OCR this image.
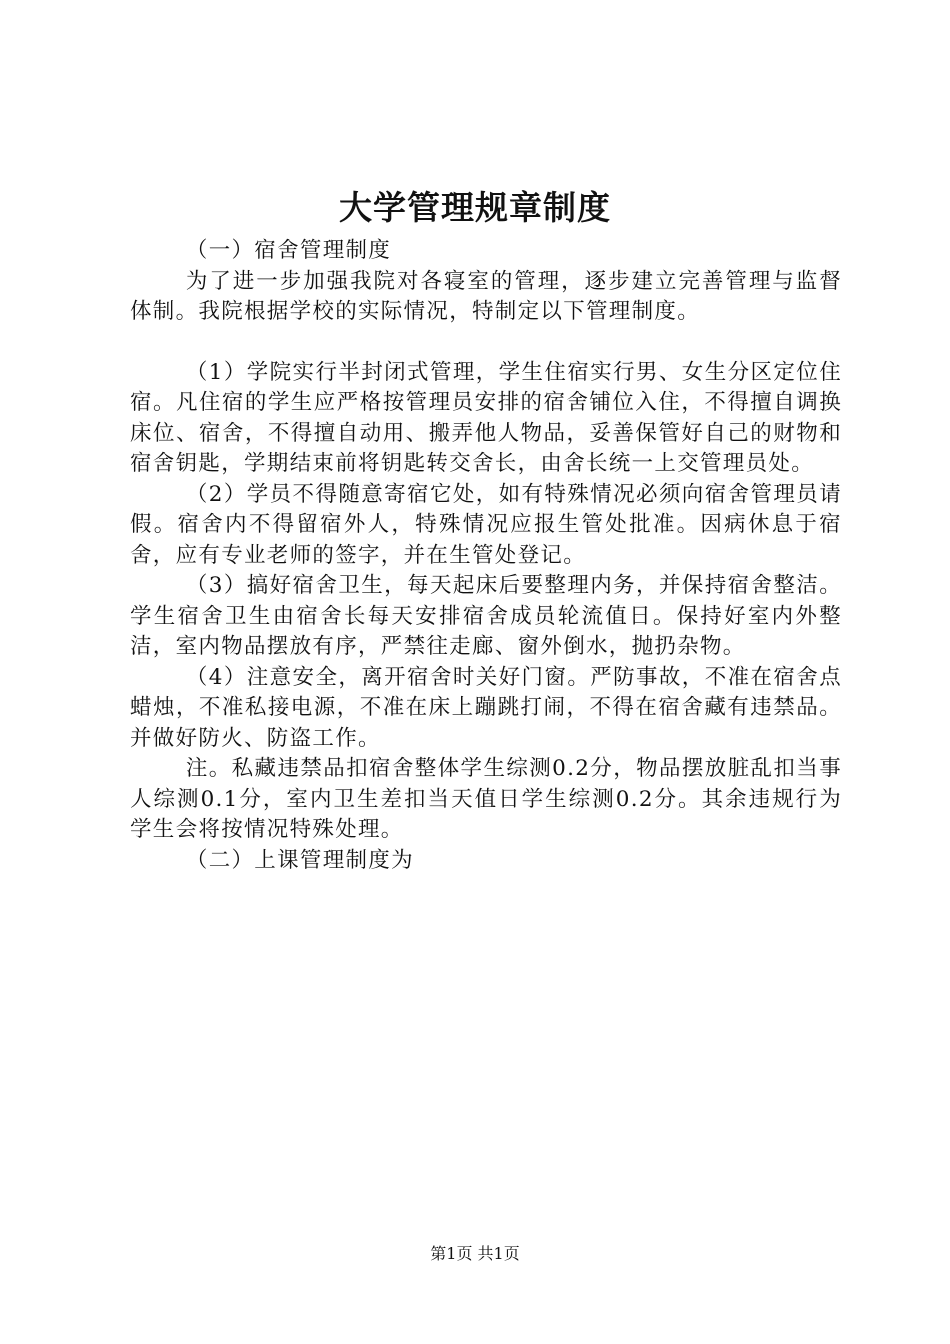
大学管理规章制度

（一）宿舍管理制度

为了进一步加强我院对各寝室的管理，逐步建立完善管理与监督体制。我院根据学校的实际情况，特制定以下管理制度。

（1）学院实行半封闭式管理，学生住宿实行男、女生分区定位住宿。凡住宿的学生应严格按管理员安排的宿舍铺位入住，不得擅自调换床位、宿舍，不得擅自动用、搬弄他人物品，妥善保管好自己的财物和宿舍钥匙，学期结束前将钥匙转交舍长，由舍长统一上交管理员处。

（2）学员不得随意寄宿它处，如有特殊情况必须向宿舍管理员请假。宿舍内不得留宿外人，特殊情况应报生管处批准。因病休息于宿舍，应有专业老师的签字，并在生管处登记。

（3）搞好宿舍卫生，每天起床后要整理内务，并保持宿舍整洁。学生宿舍卫生由宿舍长每天安排宿舍成员轮流值日。保持好室内外整洁，室内物品摆放有序，严禁往走廊、窗外倒水，抛扔杂物。

（4）注意安全，离开宿舍时关好门窗。严防事故，不准在宿舍点蜡烛，不准私接电源，不准在床上蹦跳打闹，不得在宿舍藏有违禁品。并做好防火、防盗工作。

注。私藏违禁品扣宿舍整体学生综测0.2分，物品摆放脏乱扣当事人综测0.1分，室内卫生差扣当天值日学生综测0.2分。其余违规行为学生会将按情况特殊处理。

（二）上课管理制度为

第1页 共1页
